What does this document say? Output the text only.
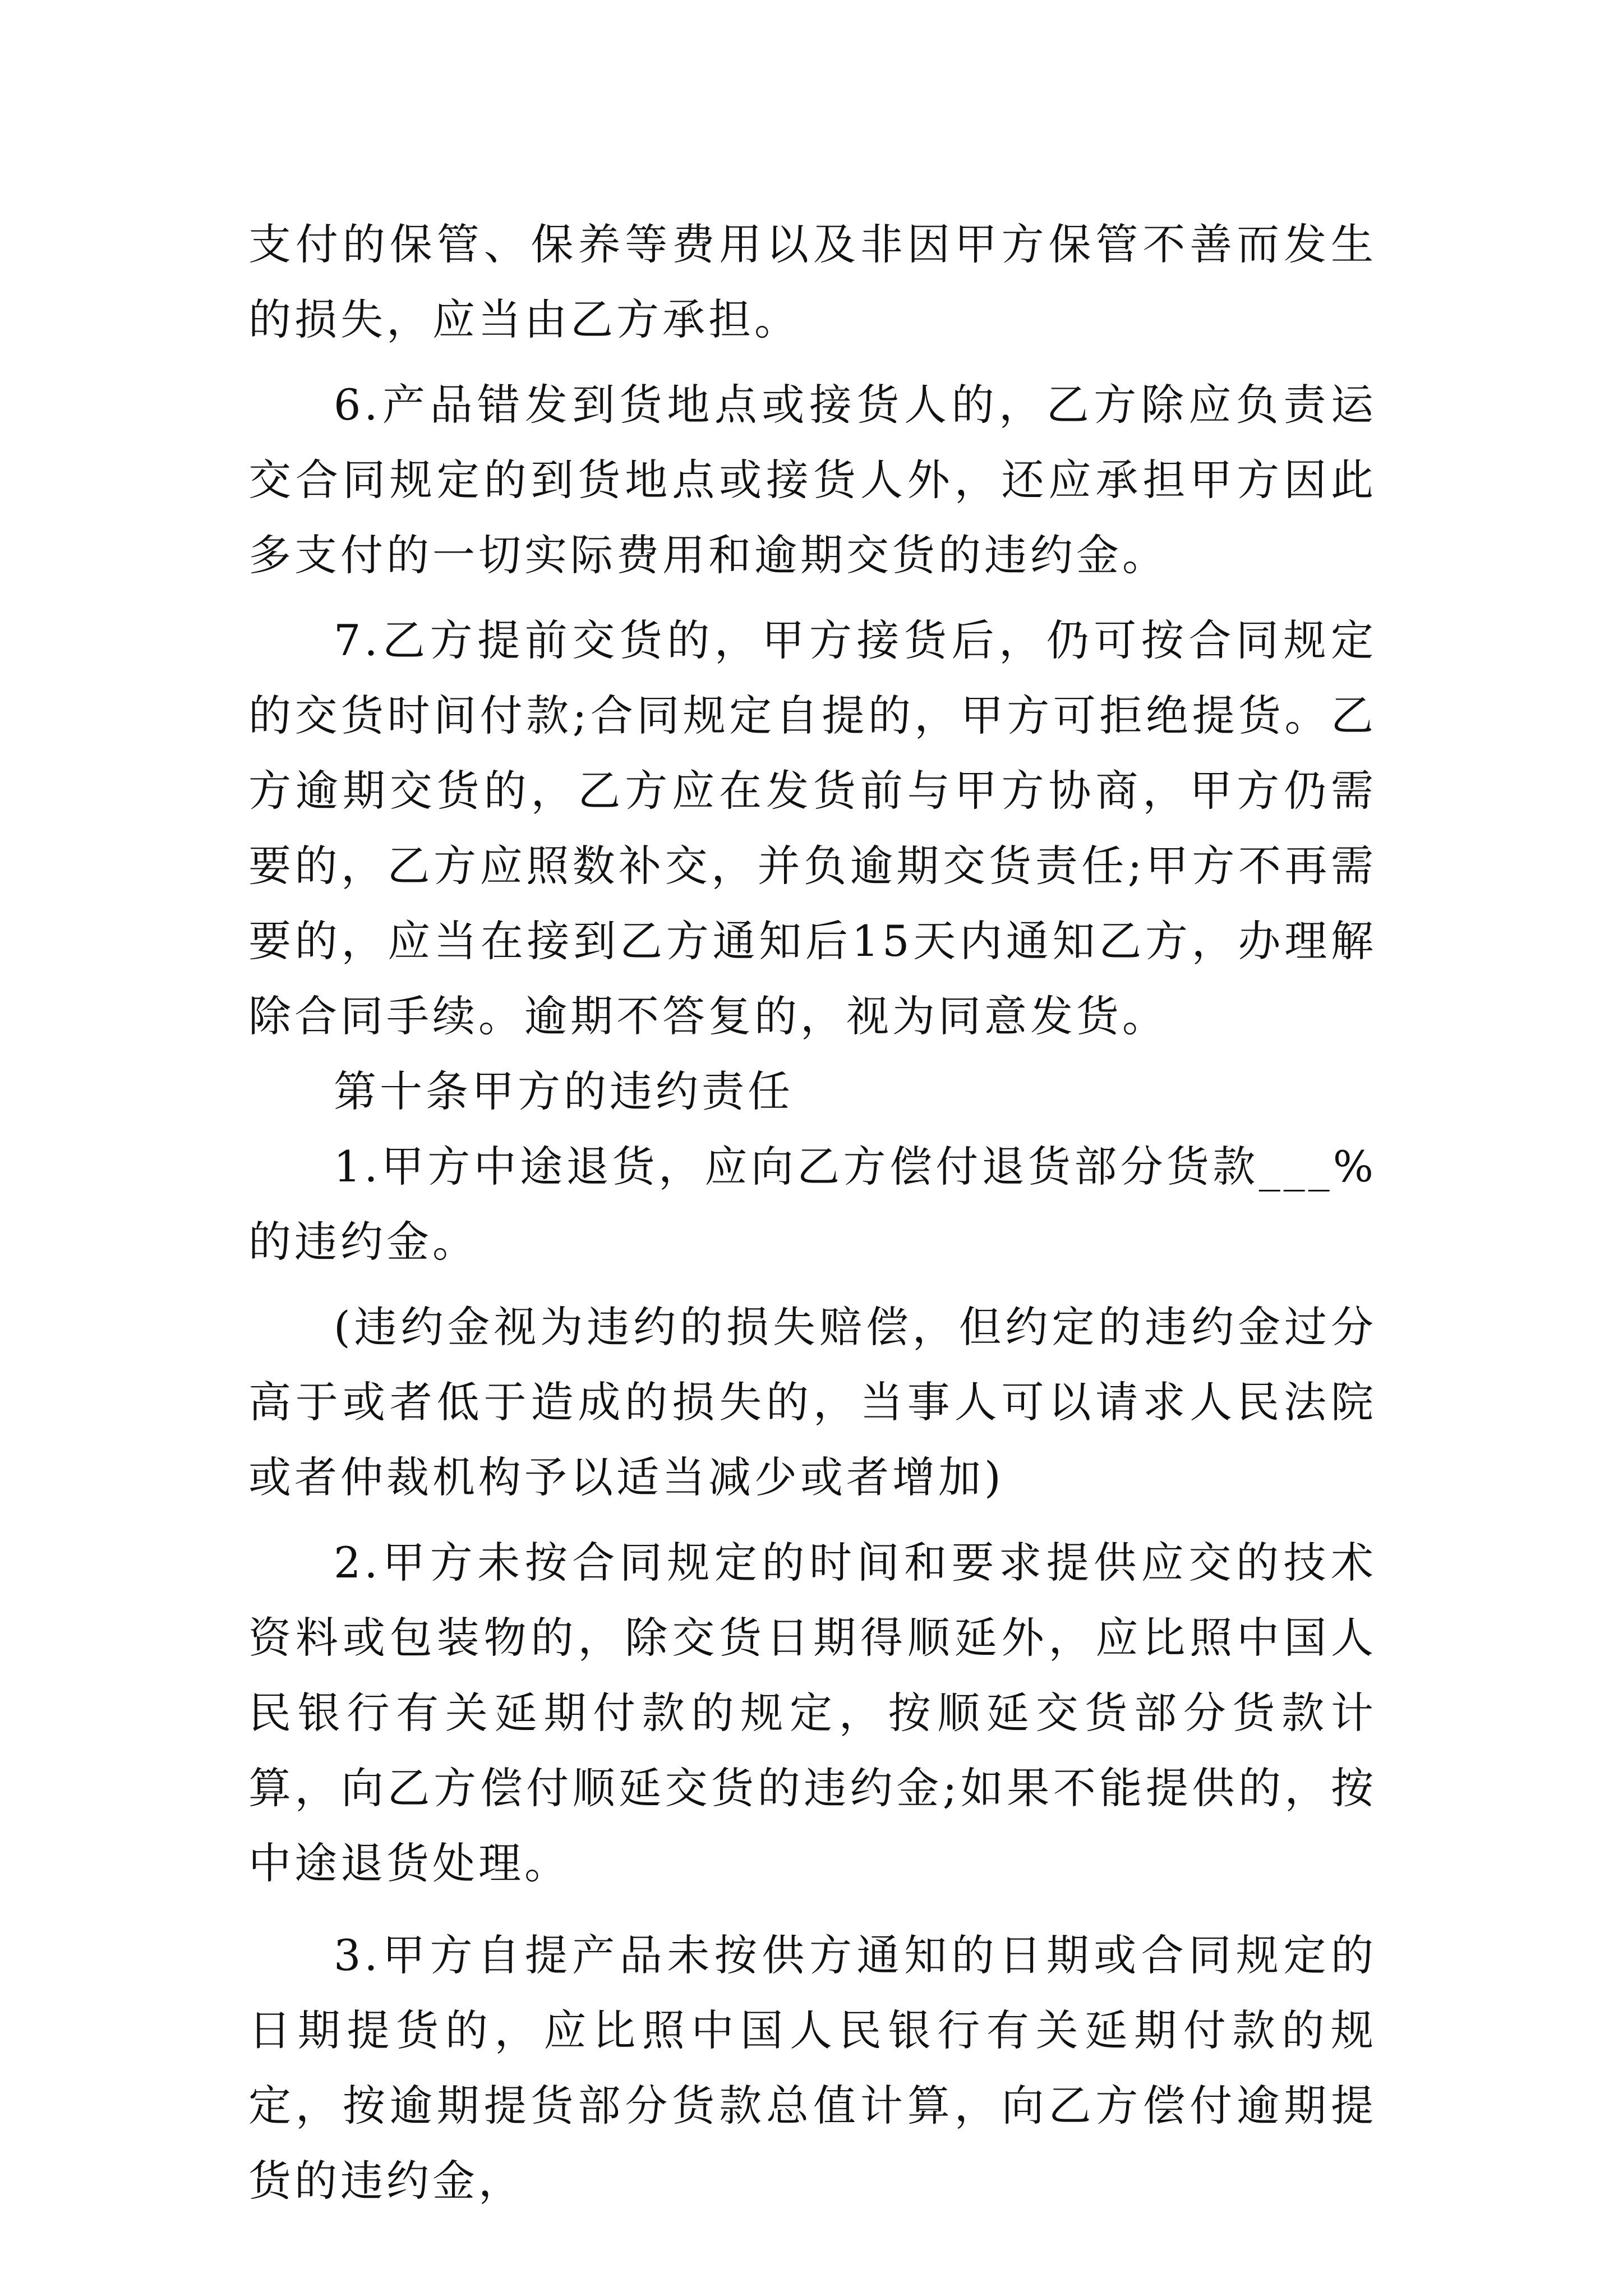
支付的保管、保养等费用以及非因甲方保管不善而发生的损失，应当由乙方承担。

6.产品错发到货地点或接货人的，乙方除应负责运交合同规定的到货地点或接货人外，还应承担甲方因此多支付的一切实际费用和逾期交货的违约金。

7.乙方提前交货的，甲方接货后，仍可按合同规定的交货时间付款;合同规定自提的，甲方可拒绝提货。乙方逾期交货的，乙方应在发货前与甲方协商，甲方仍需要的，乙方应照数补交，并负逾期交货责任;甲方不再需要的，应当在接到乙方通知后15天内通知乙方，办理解除合同手续。逾期不答复的，视为同意发货。

第十条甲方的违约责任

1.甲方中途退货，应向乙方偿付退货部分货款___%的违约金。

(违约金视为违约的损失赔偿，但约定的违约金过分高于或者低于造成的损失的，当事人可以请求人民法院或者仲裁机构予以适当减少或者增加)

2.甲方未按合同规定的时间和要求提供应交的技术资料或包装物的，除交货日期得顺延外，应比照中国人民银行有关延期付款的规定，按顺延交货部分货款计算，向乙方偿付顺延交货的违约金;如果不能提供的，按中途退货处理。

3.甲方自提产品未按供方通知的日期或合同规定的日期提货的，应比照中国人民银行有关延期付款的规定，按逾期提货部分货款总值计算，向乙方偿付逾期提货的违约金，
